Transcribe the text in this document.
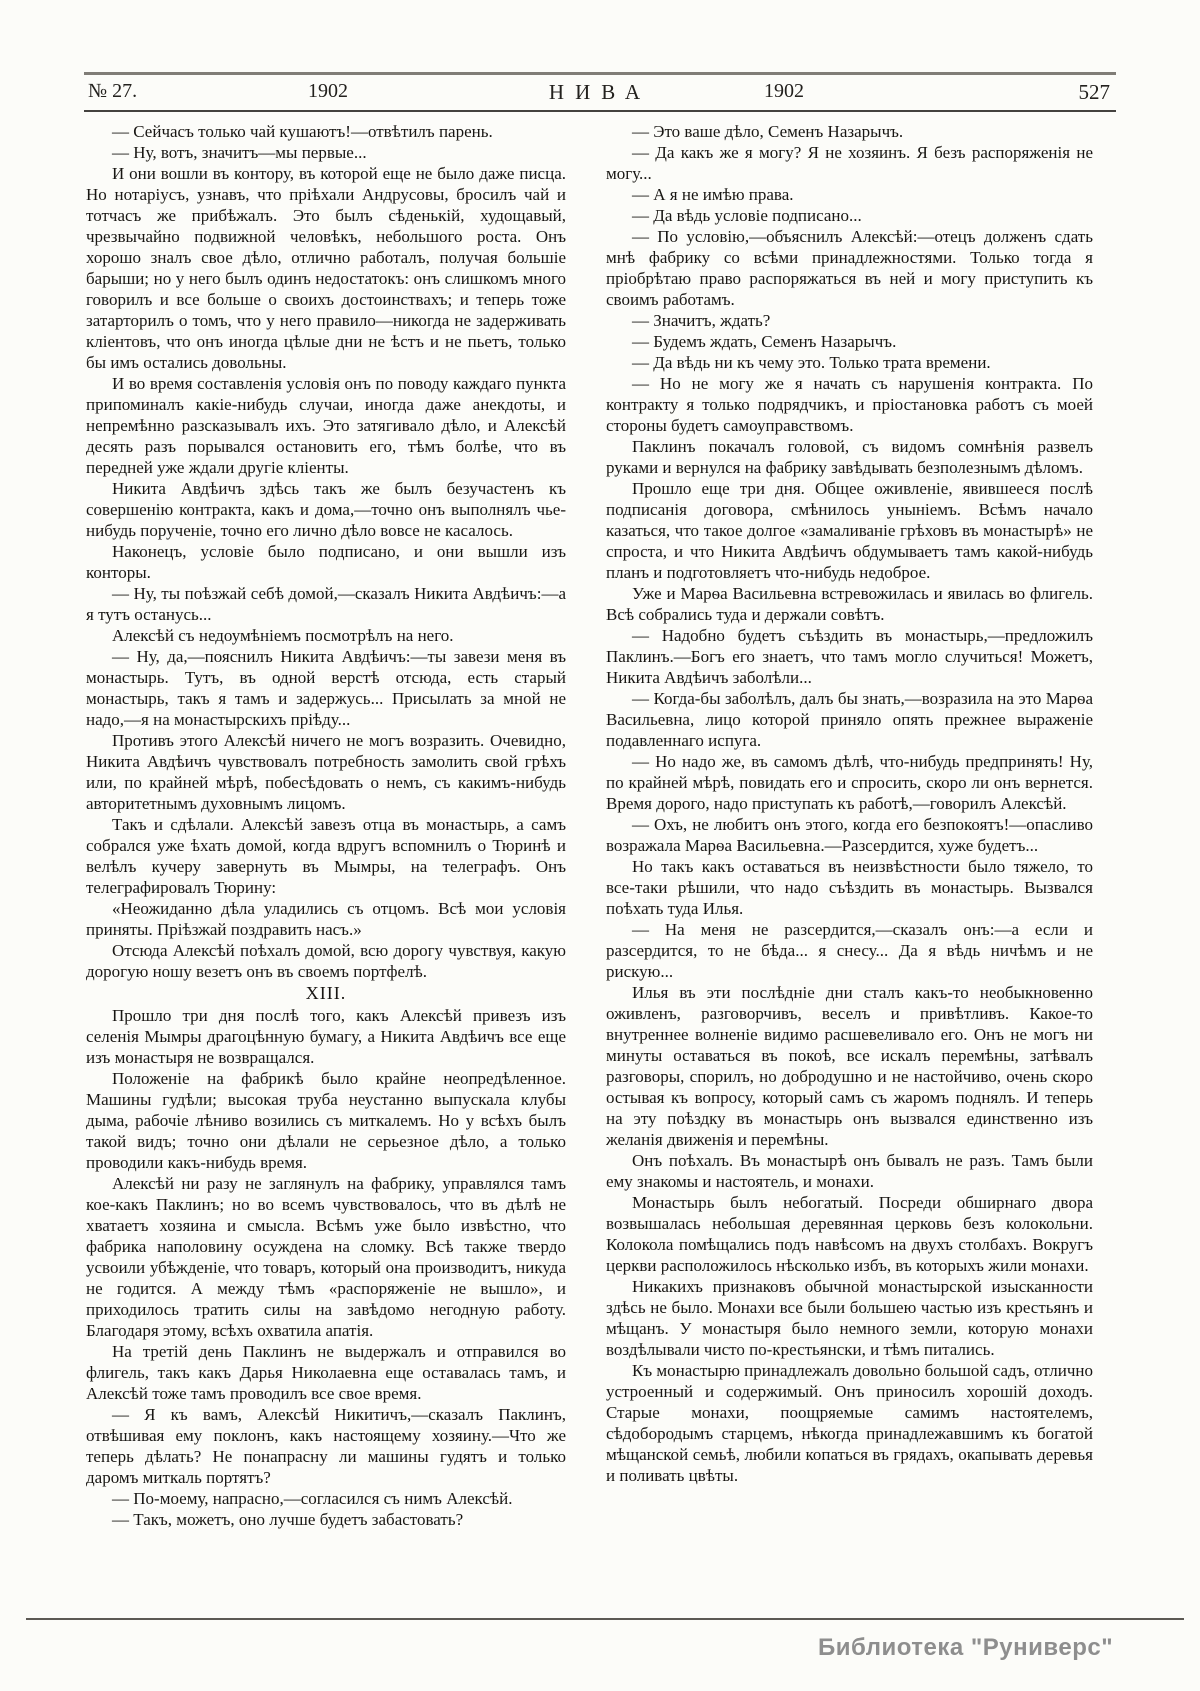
№ 27.	1902	НИВА	1902	527

— Сейчасъ только чай кушаютъ!—отвѣтилъ парень.

— Ну, вотъ, значитъ—мы первые...

И они вошли въ контору, въ которой еще не было даже писца. Но нотаріусъ, узнавъ, что пріѣхали Андрусовы, бросилъ чай и тотчасъ же прибѣжалъ. Это былъ сѣденькій, худощавый, чрезвычайно подвижной человѣкъ, небольшого роста. Онъ хорошо зналъ свое дѣло, отлично работалъ, получая большіе барыши; но у него былъ одинъ недостатокъ: онъ слишкомъ много говорилъ и все больше о своихъ достоинствахъ; и теперь тоже затарторилъ о томъ, что у него правило—никогда не задерживать кліентовъ, что онъ иногда цѣлые дни не ѣстъ и не пьетъ, только бы имъ остались довольны.

И во время составленія условія онъ по поводу каждаго пункта припоминалъ какіе-нибудь случаи, иногда даже анекдоты, и непремѣнно разсказывалъ ихъ. Это затягивало дѣло, и Алексѣй десять разъ порывался остановить его, тѣмъ болѣе, что въ передней уже ждали другіе кліенты.

Никита Авдѣичъ здѣсь такъ же былъ безучастенъ къ совершенію контракта, какъ и дома,—точно онъ выполнялъ чье-нибудь порученіе, точно его лично дѣло вовсе не касалось.

Наконецъ, условіе было подписано, и они вышли изъ конторы.

— Ну, ты поѣзжай себѣ домой,—сказалъ Никита Авдѣичъ:—а я тутъ останусь...

Алексѣй съ недоумѣніемъ посмотрѣлъ на него.

— Ну, да,—пояснилъ Никита Авдѣичъ:—ты завези меня въ монастырь. Тутъ, въ одной верстѣ отсюда, есть старый монастырь, такъ я тамъ и задержусь... Присылать за мной не надо,—я на монастырскихъ пріѣду...

Противъ этого Алексѣй ничего не могъ возразить. Очевидно, Никита Авдѣичъ чувствовалъ потребность замолить свой грѣхъ или, по крайней мѣрѣ, побесѣдовать о немъ, съ какимъ-нибудь авторитетнымъ духовнымъ лицомъ.

Такъ и сдѣлали. Алексѣй завезъ отца въ монастырь, а самъ собрался уже ѣхать домой, когда вдругъ вспомнилъ о Тюринѣ и велѣлъ кучеру завернуть въ Мымры, на телеграфъ. Онъ телеграфировалъ Тюрину:

«Неожиданно дѣла уладились съ отцомъ. Всѣ мои условія приняты. Пріѣзжай поздравить насъ.»

Отсюда Алексѣй поѣхалъ домой, всю дорогу чувствуя, какую дорогую ношу везетъ онъ въ своемъ портфелѣ.

XIII.

Прошло три дня послѣ того, какъ Алексѣй привезъ изъ селенія Мымры драгоцѣнную бумагу, а Никита Авдѣичъ все еще изъ монастыря не возвращался.

Положеніе на фабрикѣ было крайне неопредѣленное. Машины гудѣли; высокая труба неустанно выпускала клубы дыма, рабочіе лѣниво возились съ миткалемъ. Но у всѣхъ былъ такой видъ; точно они дѣлали не серьезное дѣло, а только проводили какъ-нибудь время.

Алексѣй ни разу не заглянулъ на фабрику, управлялся тамъ кое-какъ Паклинъ; но во всемъ чувствовалось, что въ дѣлѣ не хватаетъ хозяина и смысла. Всѣмъ уже было извѣстно, что фабрика наполовину осуждена на сломку. Всѣ также твердо усвоили убѣжденіе, что товаръ, который она производитъ, никуда не годится. А между тѣмъ «распоряженіе не вышло», и приходилось тратить силы на завѣдомо негодную работу. Благодаря этому, всѣхъ охватила апатія.

На третій день Паклинъ не выдержалъ и отправился во флигель, такъ какъ Дарья Николаевна еще оставалась тамъ, и Алексѣй тоже тамъ проводилъ все свое время.

— Я къ вамъ, Алексѣй Никитичъ,—сказалъ Паклинъ, отвѣшивая ему поклонъ, какъ настоящему хозяину.—Что же теперь дѣлать? Не понапрасну ли машины гудятъ и только даромъ миткаль портятъ?

— По-моему, напрасно,—согласился съ нимъ Алексѣй.

— Такъ, можетъ, оно лучше будетъ забастовать?

— Это ваше дѣло, Семенъ Назарычъ.

— Да какъ же я могу? Я не хозяинъ. Я безъ распоряженія не могу...

— А я не имѣю права.

— Да вѣдь условіе подписано...

— По условію,—объяснилъ Алексѣй:—отецъ долженъ сдать мнѣ фабрику со всѣми принадлежностями. Только тогда я пріобрѣтаю право распоряжаться въ ней и могу приступить къ своимъ работамъ.

— Значитъ, ждать?

— Будемъ ждать, Семенъ Назарычъ.

— Да вѣдь ни къ чему это. Только трата времени.

— Но не могу же я начать съ нарушенія контракта. По контракту я только подрядчикъ, и пріостановка работъ съ моей стороны будетъ самоуправствомъ.

Паклинъ покачалъ головой, съ видомъ сомнѣнія развелъ руками и вернулся на фабрику завѣдывать безполезнымъ дѣломъ.

Прошло еще три дня. Общее оживленіе, явившееся послѣ подписанія договора, смѣнилось уныніемъ. Всѣмъ начало казаться, что такое долгое «замаливаніе грѣховъ въ монастырѣ» не спроста, и что Никита Авдѣичъ обдумываетъ тамъ какой-нибудь планъ и подготовляетъ что-нибудь недоброе.

Уже и Марѳа Васильевна встревожилась и явилась во флигель. Всѣ собрались туда и держали совѣтъ.

— Надобно будетъ съѣздить въ монастырь,—предложилъ Паклинъ.—Богъ его знаетъ, что тамъ могло случиться! Можетъ, Никита Авдѣичъ заболѣли...

— Когда-бы заболѣлъ, далъ бы знать,—возразила на это Марѳа Васильевна, лицо которой приняло опять прежнее выраженіе подавленнаго испуга.

— Но надо же, въ самомъ дѣлѣ, что-нибудь предпринять! Ну, по крайней мѣрѣ, повидать его и спросить, скоро ли онъ вернется. Время дорого, надо приступать къ работѣ,—говорилъ Алексѣй.

— Охъ, не любитъ онъ этого, когда его безпокоятъ!—опасливо возражала Марѳа Васильевна.—Разсердится, хуже будетъ...

Но такъ какъ оставаться въ неизвѣстности было тяжело, то все-таки рѣшили, что надо съѣздить въ монастырь. Вызвался поѣхать туда Илья.

— На меня не разсердится,—сказалъ онъ:—а если и разсердится, то не бѣда... я снесу... Да я вѣдь ничѣмъ и не рискую...

Илья въ эти послѣдніе дни сталъ какъ-то необыкновенно оживленъ, разговорчивъ, веселъ и привѣтливъ. Какое-то внутреннее волненіе видимо расшевеливало его. Онъ не могъ ни минуты оставаться въ покоѣ, все искалъ перемѣны, затѣвалъ разговоры, спорилъ, но добродушно и не настойчиво, очень скоро остывая къ вопросу, который самъ съ жаромъ поднялъ. И теперь на эту поѣздку въ монастырь онъ вызвался единственно изъ желанія движенія и перемѣны.

Онъ поѣхалъ. Въ монастырѣ онъ бывалъ не разъ. Тамъ были ему знакомы и настоятель, и монахи.

Монастырь былъ небогатый. Посреди обширнаго двора возвышалась небольшая деревянная церковь безъ колокольни. Колокола помѣщались подъ навѣсомъ на двухъ столбахъ. Вокругъ церкви расположилось нѣсколько избъ, въ которыхъ жили монахи.

Никакихъ признаковъ обычной монастырской изысканности здѣсь не было. Монахи все были большею частью изъ крестьянъ и мѣщанъ. У монастыря было немного земли, которую монахи воздѣлывали чисто по-крестьянски, и тѣмъ питались.

Къ монастырю принадлежалъ довольно большой садъ, отлично устроенный и содержимый. Онъ приносилъ хорошій доходъ. Старые монахи, поощряемые самимъ настоятелемъ, сѣдобородымъ старцемъ, нѣкогда принадлежавшимъ къ богатой мѣщанской семьѣ, любили копаться въ грядахъ, окапывать деревья и поливать цвѣты.

Библиотека "Руниверс"
